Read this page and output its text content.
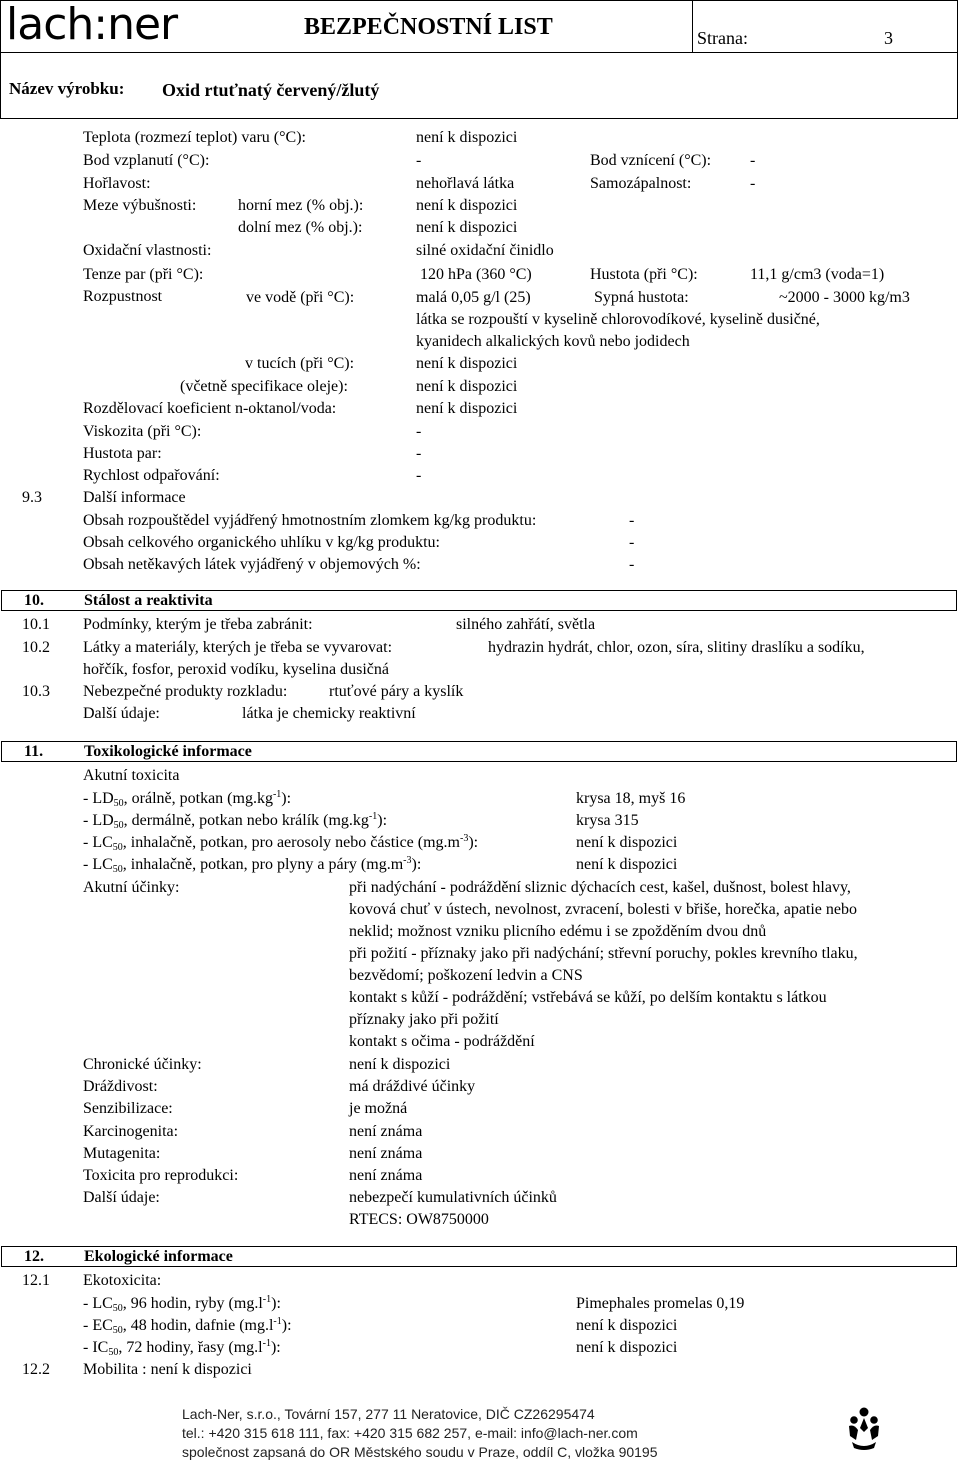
lach:ner	BEZPEČNOSTNÍ LIST	Strana:	3
Název výrobku: Oxid rtuťnatý červený/žlutý
Teplota (rozmezí teplot) varu (°C):	není k dispozici
Bod vzplanutí (°C):	-	Bod vznícení (°C): -
Hořlavost:	nehořlavá látka	Samozápalnost:	-
Meze výbušnosti:	horní mez (% obj.):	není k dispozici
dolní mez (% obj.):	není k dispozici
Oxidační vlastnosti:	silné oxidační činidlo
Tenze par (při °C):	120 hPa (360 °C)	Hustota (při °C):	11,1 g/cm3 (voda=1)
Rozpustnost	ve vodě (při °C):	malá 0,05 g/l (25)	Sypná hustota:	~2000 - 3000 kg/m3
látka se rozpouští v kyselině chlorovodíkové, kyselině dusičné,
kyanidech alkalických kovů nebo jodidech
v tucích (při °C):	není k dispozici
(včetně specifikace oleje):	není k dispozici
Rozdělovací koeficient n-oktanol/voda:	není k dispozici
Viskozita (při °C):	-
Hustota par:	-
Rychlost odpařování:	-
9.3	Další informace
Obsah rozpouštědel vyjádřený hmotnostním zlomkem kg/kg produktu:	-
Obsah celkového organického uhlíku v kg/kg produktu:	-
Obsah netěkavých látek vyjádřený v objemových %:	-
10.	Stálost a reaktivita
10.1 Podmínky, kterým je třeba zabránit:	silného zahřátí, světla
10.2 Látky a materiály, kterých je třeba se vyvarovat:	hydrazin hydrát, chlor, ozon, síra, slitiny draslíku a sodíku,
hořčík, fosfor, peroxid vodíku, kyselina dusičná
10.3 Nebezpečné produkty rozkladu:	rtuťové páry a kyslík
Další údaje:	látka je chemicky reaktivní
11.	Toxikologické informace
Akutní toxicita
- $LD_{50}$, orálně, potkan $(mg.kg^{-1})$:	krysa 18, myš 16
- $LD_{50}$, dermálně, potkan nebo králík $(mg.kg^{-1})$:	krysa 315
- $LC_{50}$, inhalačně, potkan, pro aerosoly nebo částice $(mg.m^{-3})$:	není k dispozici
- $LC_{50}$, inhalačně, potkan, pro plyny a páry $(mg.m^{-3})$:	není k dispozici
Akutní účinky:	při nadýchání - podráždění sliznic dýchacích cest, kašel, dušnost, bolest hlavy,
kovová chuť v ústech, nevolnost, zvracení, bolesti v břiše, horečka, apatie nebo
neklid; možnost vzniku plicního edému i se zpožděním dvou dnů
při požití - příznaky jako při nadýchání; střevní poruchy, pokles krevního tlaku,
bezvědomí; poškození ledvin a CNS
kontakt s kůží - podráždění; vstřebává se kůží, po delším kontaktu s látkou
příznaky jako při požití
kontakt s očima - podráždění
Chronické účinky:	není k dispozici
Dráždivost:	má dráždivé účinky
Senzibilizace:	je možná
Karcinogenita:	není známa
Mutagenita:	není známa
Toxicita pro reprodukci:	není známa
Další údaje:	nebezpečí kumulativních účinků
RTECS: OW8750000
12.	Ekologické informace
12.1 Ekotoxicita:
- $LC_{50}$, 96 hodin, ryby $(mg.l^{-1})$:	Pimephales promelas 0,19
- $EC_{50}$, 48 hodin, dafnie $(mg.l^{-1})$:	není k dispozici
- $IC_{50}$, 72 hodiny, řasy $(mg.l^{-1})$:	není k dispozici
12.2 Mobilita : není k dispozici
Lach-Ner, s.r.o., Tovární 157, 277 11 Neratovice, DIČ CZ26295474
tel.: +420 315 618 111, fax: +420 315 682 257, e-mail: info@lach-ner.com
společnost zapsaná do OR Městského soudu v Praze, oddíl C, vložka 90195
